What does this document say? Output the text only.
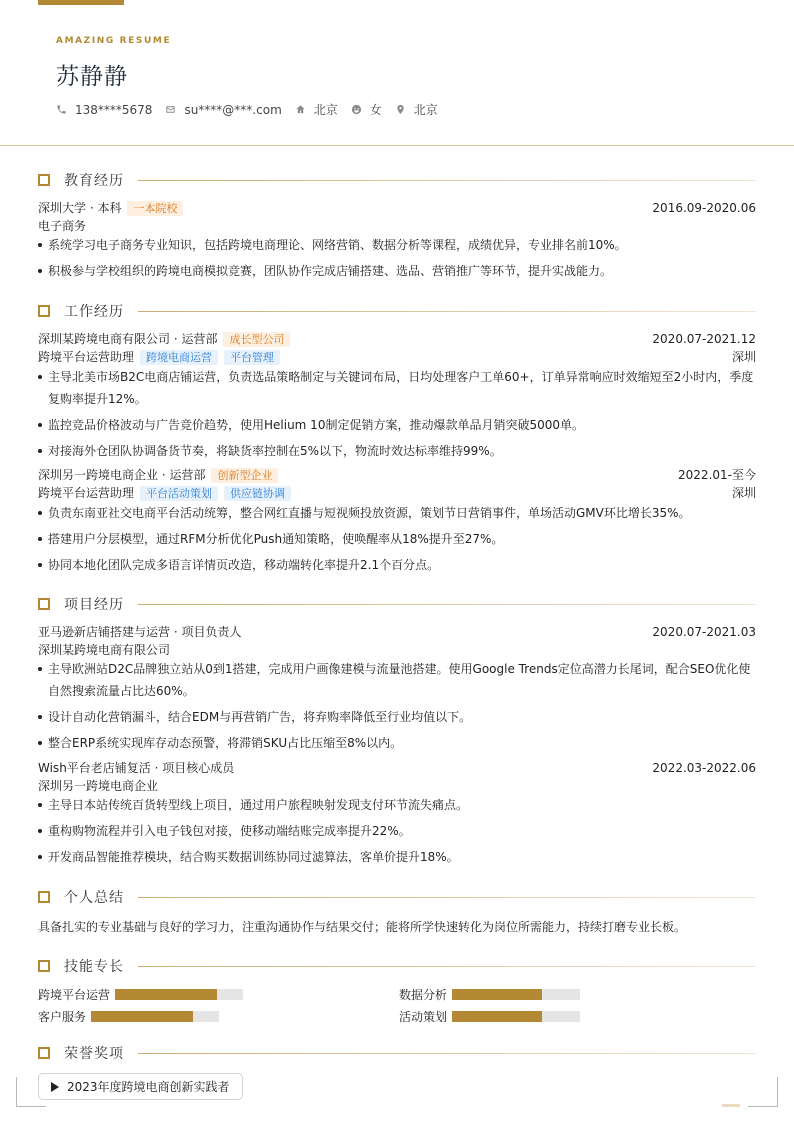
AMAZING RESUME
苏静静
138****5678	su****@***.com	北京	女	北京
教育经历
深圳大学 · 本科	一本院校	2016.09-2020.06
电子商务
系统学习电子商务专业知识，包括跨境电商理论、网络营销、数据分析等课程，成绩优异，专业排名前10%。
积极参与学校组织的跨境电商模拟竞赛，团队协作完成店铺搭建、选品、营销推广等环节，提升实战能力。
工作经历
深圳某跨境电商有限公司 · 运营部	成长型公司	2020.07-2021.12
跨境平台运营助理	跨境电商运营	平台管理	深圳
主导北美市场B2C电商店铺运营，负责选品策略制定与关键词布局，日均处理客户工单60+，订单异常响应时效缩短至2小时内，季度复购率提升12%。
监控竞品价格波动与广告竞价趋势，使用Helium 10制定促销方案，推动爆款单品月销突破5000单。
对接海外仓团队协调备货节奏，将缺货率控制在5%以下，物流时效达标率维持99%。
深圳另一跨境电商企业 · 运营部	创新型企业	2022.01-至今
跨境平台运营助理	平台活动策划	供应链协调	深圳
负责东南亚社交电商平台活动统筹，整合网红直播与短视频投放资源，策划节日营销事件，单场活动GMV环比增长35%。
搭建用户分层模型，通过RFM分析优化Push通知策略，使唤醒率从18%提升至27%。
协同本地化团队完成多语言详情页改造，移动端转化率提升2.1个百分点。
项目经历
亚马逊新店铺搭建与运营 · 项目负责人	2020.07-2021.03
深圳某跨境电商有限公司
主导欧洲站D2C品牌独立站从0到1搭建，完成用户画像建模与流量池搭建。使用Google Trends定位高潜力长尾词，配合SEO优化使自然搜索流量占比达60%。
设计自动化营销漏斗，结合EDM与再营销广告，将弃购率降低至行业均值以下。
整合ERP系统实现库存动态预警，将滞销SKU占比压缩至8%以内。
Wish平台老店铺复活 · 项目核心成员	2022.03-2022.06
深圳另一跨境电商企业
主导日本站传统百货转型线上项目，通过用户旅程映射发现支付环节流失痛点。
重构购物流程并引入电子钱包对接，使移动端结账完成率提升22%。
开发商品智能推荐模块，结合购买数据训练协同过滤算法，客单价提升18%。
个人总结
具备扎实的专业基础与良好的学习力，注重沟通协作与结果交付；能将所学快速转化为岗位所需能力，持续打磨专业长板。
技能专长
跨境平台运营	数据分析
客户服务	活动策划
荣誉奖项
2023年度跨境电商创新实践者
